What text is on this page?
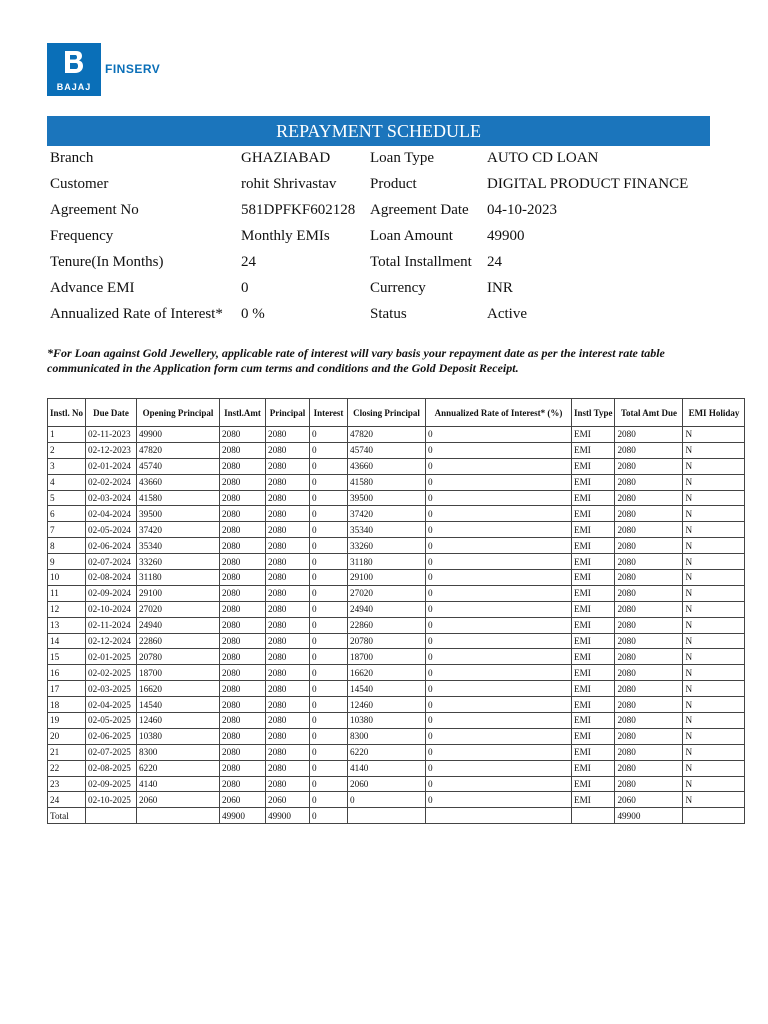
BAJAJ
FINSERV
REPAYMENT SCHEDULE
Branch	GHAZIABAD	Loan Type	AUTO CD LOAN
Customer	rohit Shrivastav Product	DIGITAL PRODUCT FINANCE
Agreement No	581DPFKF602128 Agreement Date 04-10-2023
Frequency	Monthly EMIs	Loan Amount 49900
Tenure(In Months)	24	Total Installment 24
Advance EMI	0	Currency	INR
Annualized Rate of Interest* 0 %	Status	Active
*For Loan against Gold Jewellery, applicable rate of interest will vary basis your repayment date as per the interest rate table communicated in the Application form cum terms and conditions and the Gold Deposit Receipt.
Instl. No	Due Date	Opening Principal	Instl.Amt	Principal	Interest	Closing Principal	Annualized Rate of Interest* (%)	Instl Type	Total Amt Due	EMI Holiday
1	02-11-2023	49900	2080	2080	0	47820	0	EMI	2080	N
2	02-12-2023	47820	2080	2080	0	45740	0	EMI	2080	N
3	02-01-2024	45740	2080	2080	0	43660	0	EMI	2080	N
4	02-02-2024	43660	2080	2080	0	41580	0	EMI	2080	N
5	02-03-2024	41580	2080	2080	0	39500	0	EMI	2080	N
6	02-04-2024	39500	2080	2080	0	37420	0	EMI	2080	N
7	02-05-2024	37420	2080	2080	0	35340	0	EMI	2080	N
8	02-06-2024	35340	2080	2080	0	33260	0	EMI	2080	N
9	02-07-2024	33260	2080	2080	0	31180	0	EMI	2080	N
10	02-08-2024	31180	2080	2080	0	29100	0	EMI	2080	N
11	02-09-2024	29100	2080	2080	0	27020	0	EMI	2080	N
12	02-10-2024	27020	2080	2080	0	24940	0	EMI	2080	N
13	02-11-2024	24940	2080	2080	0	22860	0	EMI	2080	N
14	02-12-2024	22860	2080	2080	0	20780	0	EMI	2080	N
15	02-01-2025	20780	2080	2080	0	18700	0	EMI	2080	N
16	02-02-2025	18700	2080	2080	0	16620	0	EMI	2080	N
17	02-03-2025	16620	2080	2080	0	14540	0	EMI	2080	N
18	02-04-2025	14540	2080	2080	0	12460	0	EMI	2080	N
19	02-05-2025	12460	2080	2080	0	10380	0	EMI	2080	N
20	02-06-2025	10380	2080	2080	0	8300	0	EMI	2080	N
21	02-07-2025	8300	2080	2080	0	6220	0	EMI	2080	N
22	02-08-2025	6220	2080	2080	0	4140	0	EMI	2080	N
23	02-09-2025	4140	2080	2080	0	2060	0	EMI	2080	N
24	02-10-2025	2060	2060	2060	0	0	0	EMI	2060	N
Total			49900	49900	0				49900	
